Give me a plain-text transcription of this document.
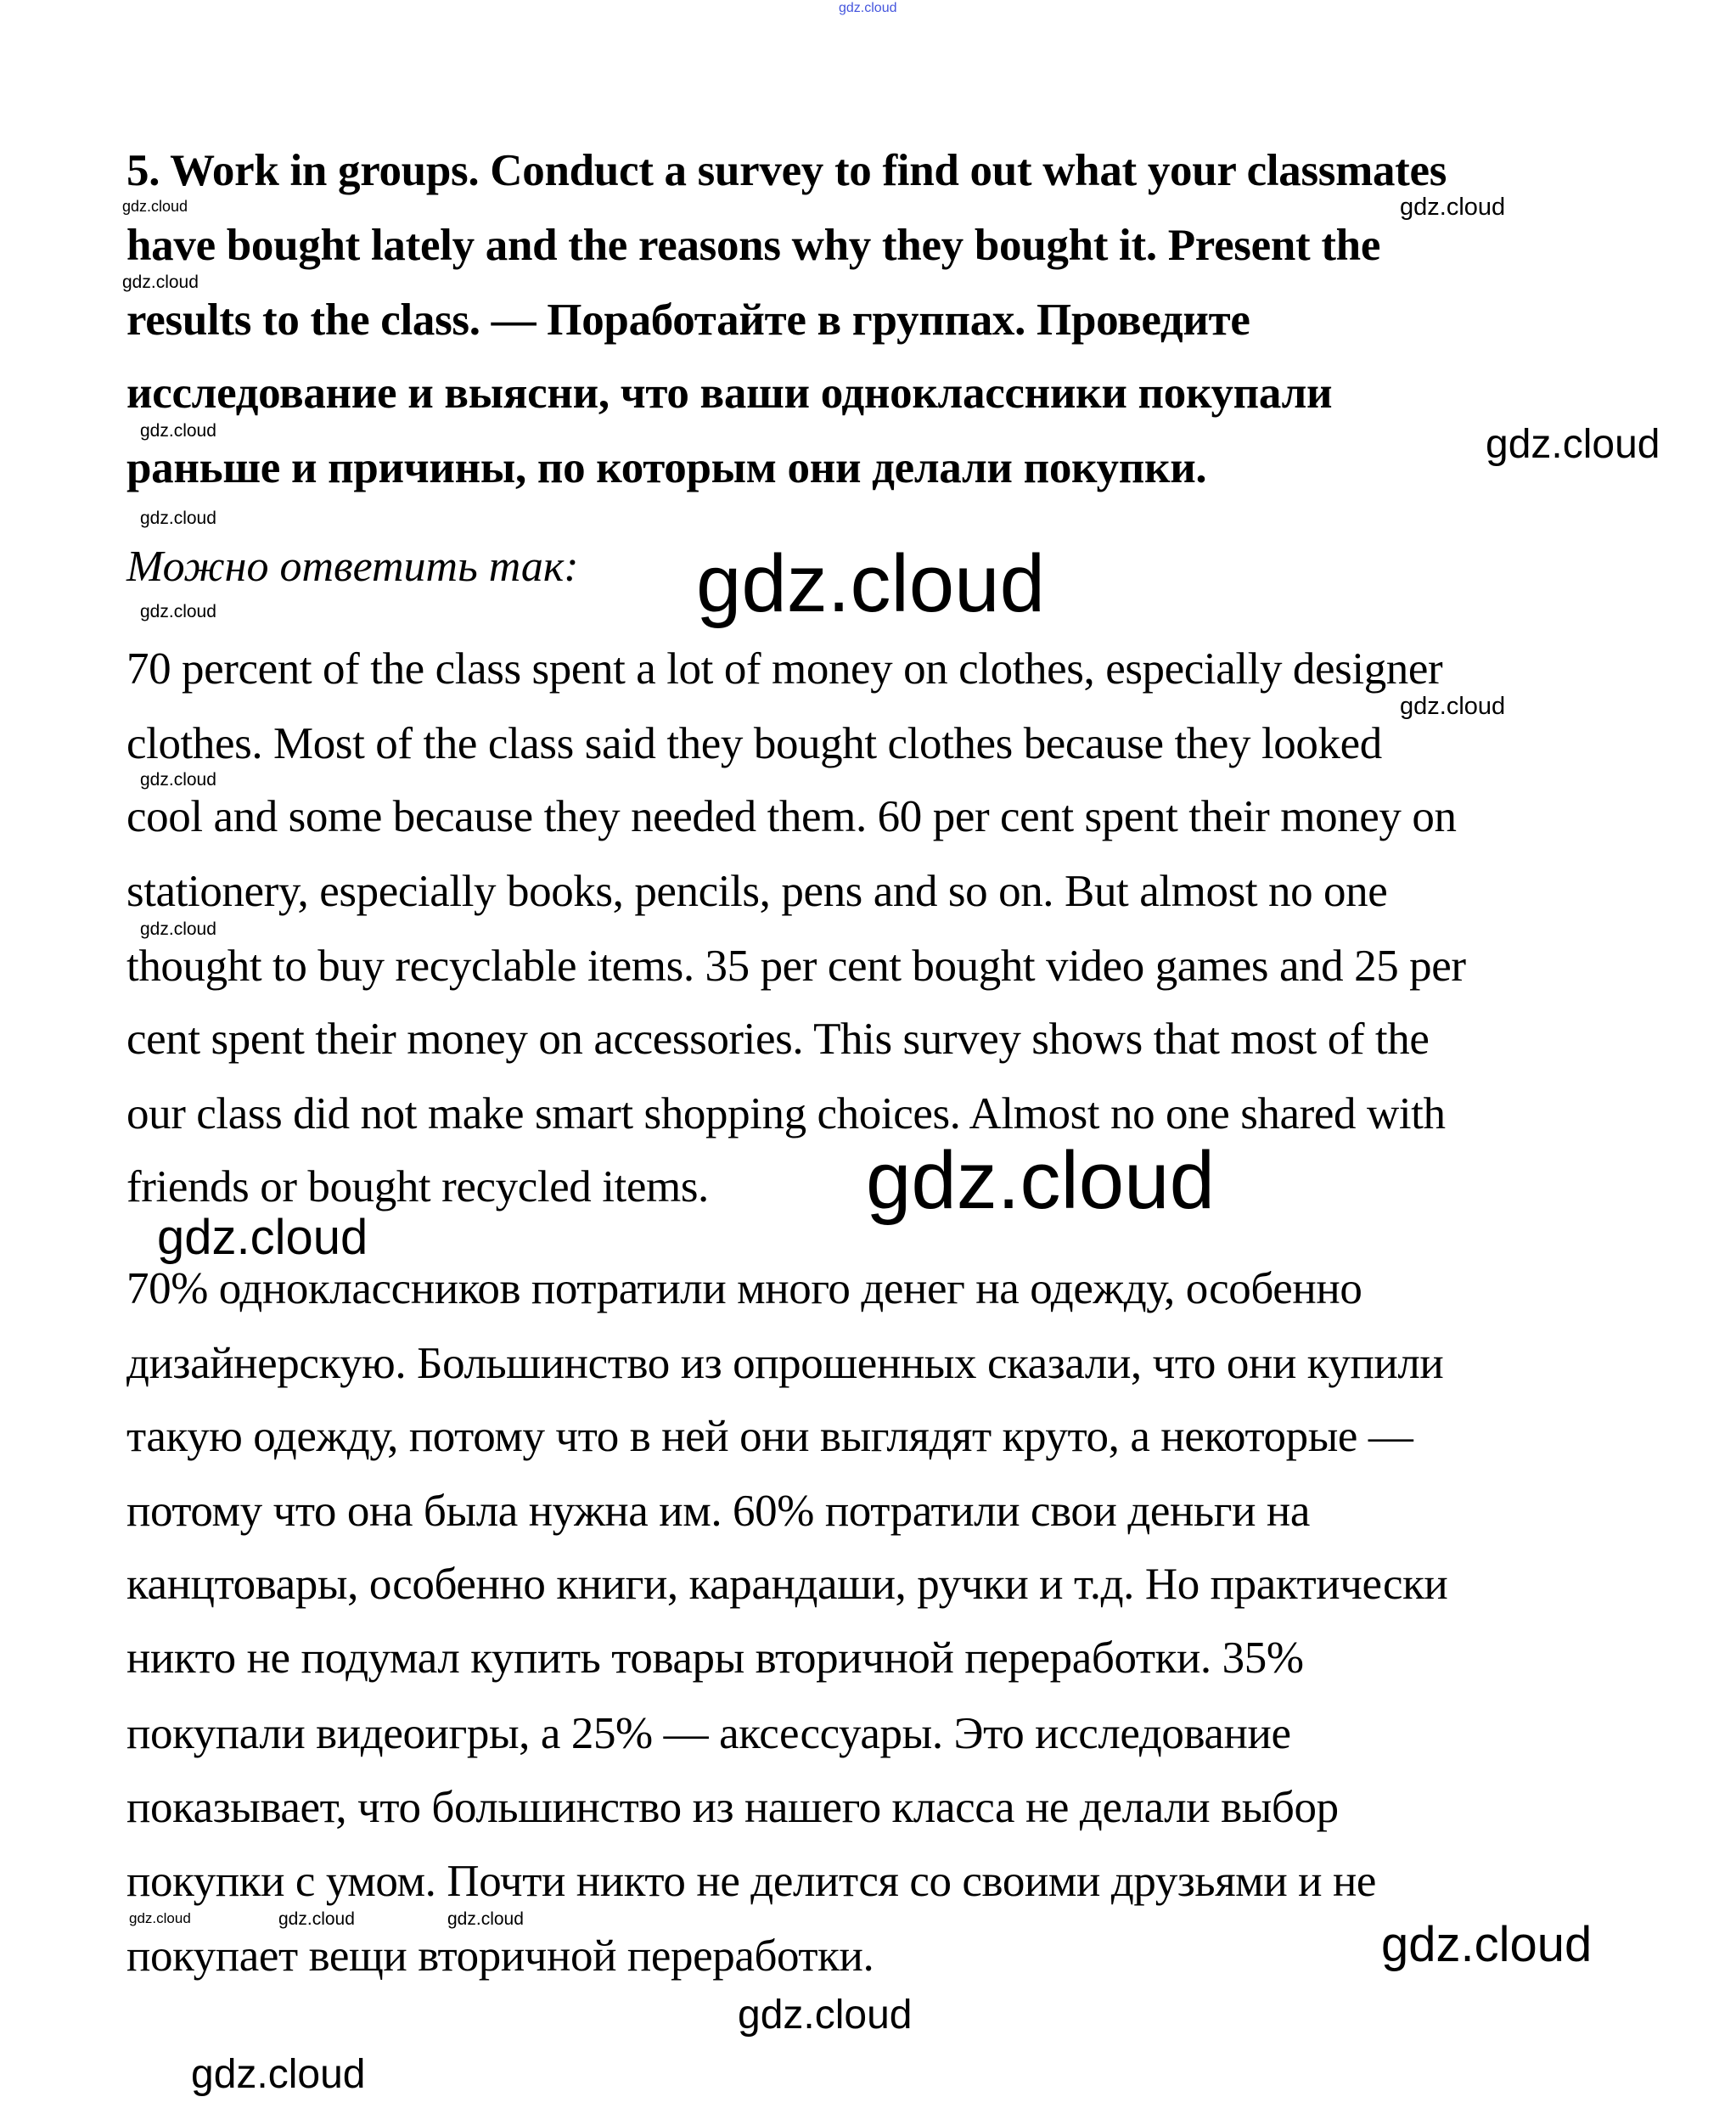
5. Work in groups. Conduct a survey to find out what your classmates
have bought lately and the reasons why they bought it. Present the
results to the class. — Поработайте в группах. Проведите
исследование и выясни, что ваши одноклассники покупали
раньше и причины, по которым они делали покупки.
Можно ответить так:
70 percent of the class spent a lot of money on clothes, especially designer
clothes. Most of the class said they bought clothes because they looked
cool and some because they needed them. 60 per cent spent their money on
stationery, especially books, pencils, pens and so on. But almost no one
thought to buy recyclable items. 35 per cent bought video games and 25 per
cent spent their money on accessories. This survey shows that most of the
our class did not make smart shopping choices. Almost no one shared with
friends or bought recycled items.
70% одноклассников потратили много денег на одежду, особенно
дизайнерскую. Большинство из опрошенных сказали, что они купили
такую одежду, потому что в ней они выглядят круто, а некоторые —
потому что она была нужна им. 60% потратили свои деньги на
канцтовары, особенно книги, карандаши, ручки и т.д. Но практически
никто не подумал купить товары вторичной переработки. 35%
покупали видеоигры, а 25% — аксессуары. Это исследование
показывает, что большинство из нашего класса не делали выбор
покупки с умом. Почти никто не делится со своими друзьями и не
покупает вещи вторичной переработки.
gdz.cloud
gdz.cloud	gdz.cloud
gdz.cloud
gdz.cloud	gdz.cloud
gdz.cloud
gdz.cloud
gdz.cloud
gdz.cloud
gdz.cloud
gdz.cloud
gdz.cloud
gdz.cloud
gdz.cloud
gdz.cloud
gdz.cloud
gdz.cloud	gdz.cloud	gdz.cloud
